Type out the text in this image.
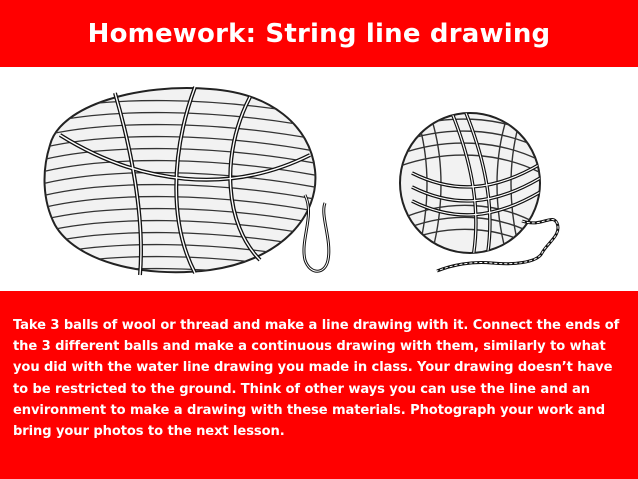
Homework: String line drawing

Take 3 balls of wool or thread and make a line drawing with it. Connect the ends of the 3 different balls and make a continuous drawing with them, similarly to what you did with the water line drawing you made in class. Your drawing doesn’t have to be restricted to the ground. Think of other ways you can use the line and an environment to make a drawing with these materials. Photograph your work and bring your photos to the next lesson.
